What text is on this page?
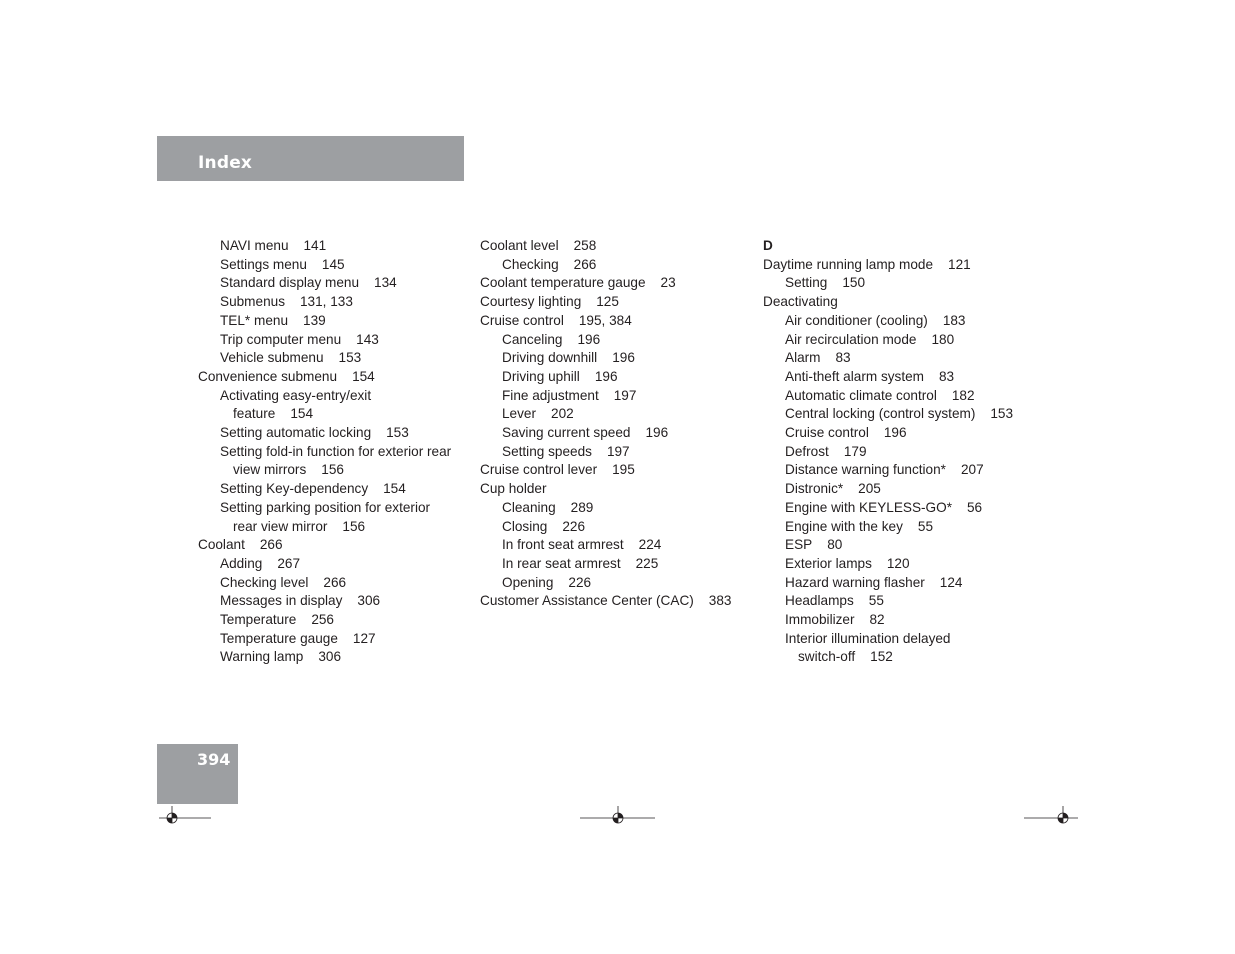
Index
NAVI menu 141
Settings menu 145
Standard display menu 134
Submenus 131, 133
TEL* menu 139
Trip computer menu 143
Vehicle submenu 153
Convenience submenu 154
Activating easy-entry/exit
feature 154
Setting automatic locking 153
Setting fold-in function for exterior rear
view mirrors 156
Setting Key-dependency 154
Setting parking position for exterior
rear view mirror 156
Coolant 266
Adding 267
Checking level 266
Messages in display 306
Temperature 256
Temperature gauge 127
Warning lamp 306
Coolant level 258
Checking 266
Coolant temperature gauge 23
Courtesy lighting 125
Cruise control 195, 384
Canceling 196
Driving downhill 196
Driving uphill 196
Fine adjustment 197
Lever 202
Saving current speed 196
Setting speeds 197
Cruise control lever 195
Cup holder
Cleaning 289
Closing 226
In front seat armrest 224
In rear seat armrest 225
Opening 226
Customer Assistance Center (CAC) 383
D
Daytime running lamp mode 121
Setting 150
Deactivating
Air conditioner (cooling) 183
Air recirculation mode 180
Alarm 83
Anti-theft alarm system 83
Automatic climate control 182
Central locking (control system) 153
Cruise control 196
Defrost 179
Distance warning function* 207
Distronic* 205
Engine with KEYLESS-GO* 56
Engine with the key 55
ESP 80
Exterior lamps 120
Hazard warning flasher 124
Headlamps 55
Immobilizer 82
Interior illumination delayed
switch-off 152
394
